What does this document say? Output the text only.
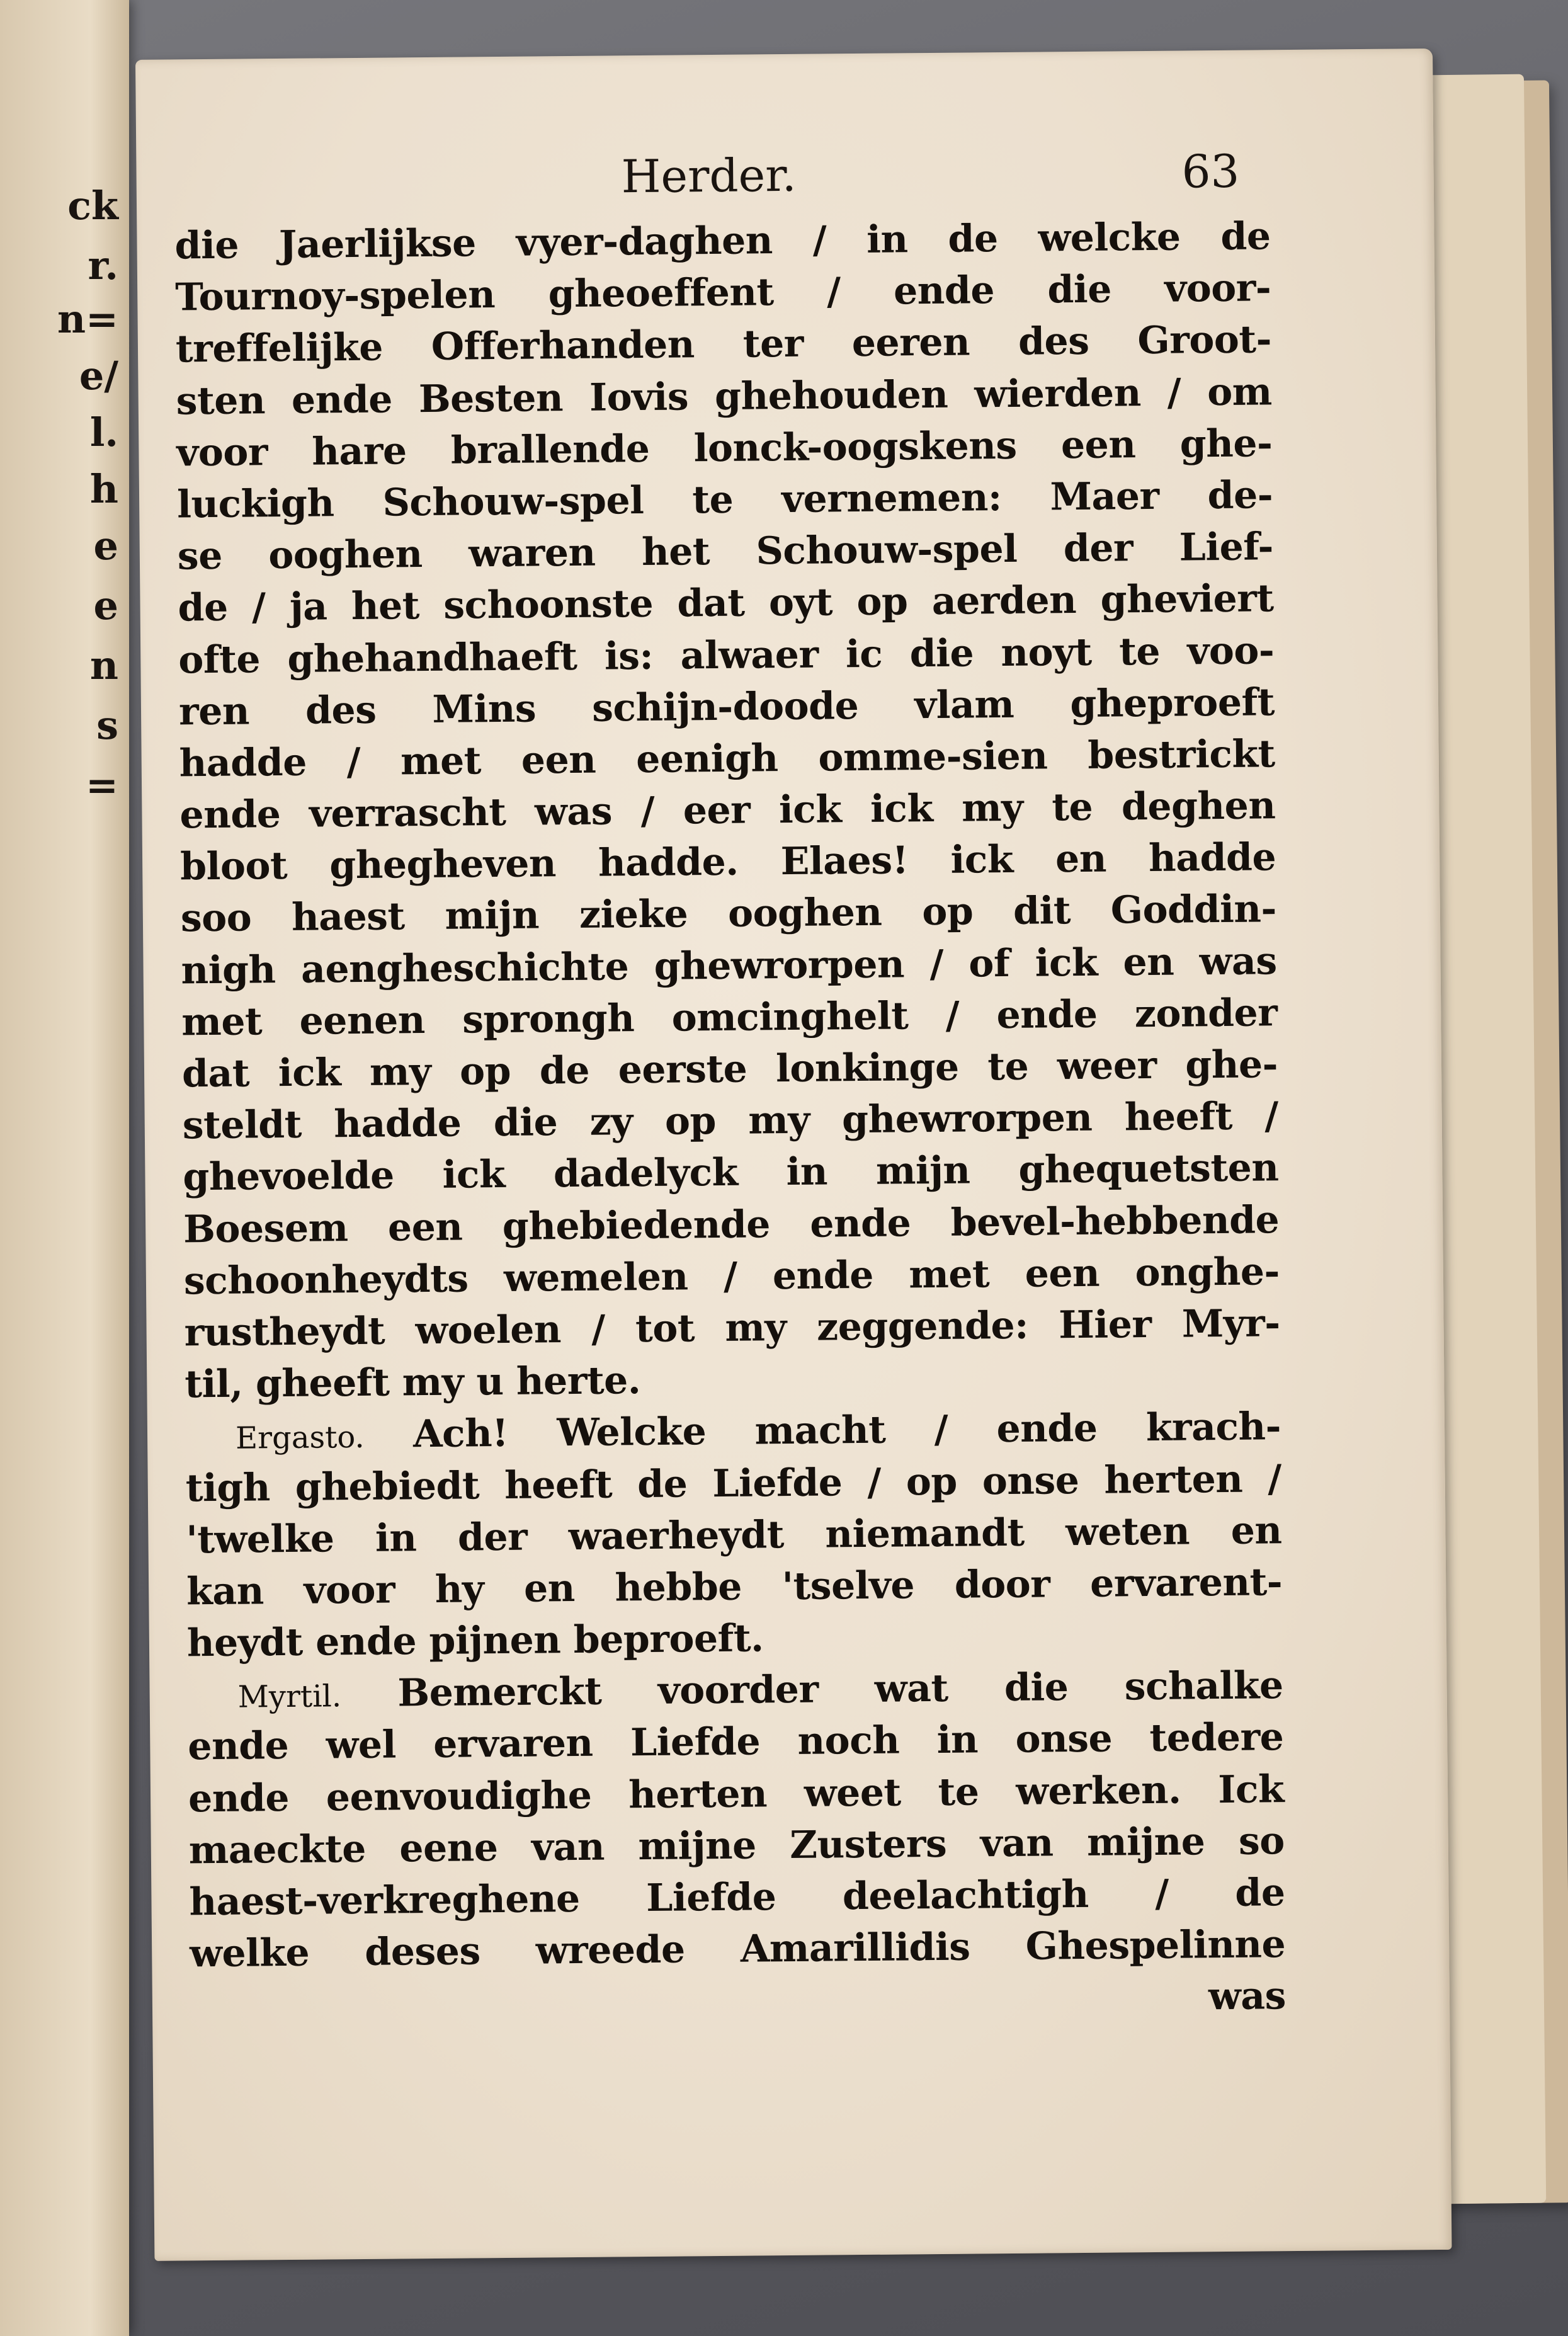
ck
r.
n=
e/
l.
h
e
e
n
s
=
Herder.	63
die Jaerlijkse vyer-daghen / in de welcke de
Tournoy-spelen gheoeffent / ende die voor-
treffelijke Offerhanden ter eeren des Groot-
sten ende Besten Iovis ghehouden wierden / om
voor hare brallende lonck-oogskens een ghe-
luckigh Schouw-spel te vernemen: Maer de-
se ooghen waren het Schouw-spel der Lief-
de / ja het schoonste dat oyt op aerden gheviert
ofte ghehandhaeft is: alwaer ic die noyt te voo-
ren des Mins schijn-doode vlam gheproeft
hadde / met een eenigh omme-sien bestrickt
ende verrascht was / eer ick ick my te deghen
bloot ghegheven hadde. Elaes! ick en hadde
soo haest mijn zieke ooghen op dit Goddin-
nigh aengheschichte ghewrorpen / of ick en was
met eenen sprongh omcinghelt / ende zonder
dat ick my op de eerste lonkinge te weer ghe-
steldt hadde die zy op my ghewrorpen heeft /
ghevoelde ick dadelyck in mijn ghequetsten
Boesem een ghebiedende ende bevel-hebbende
schoonheydts wemelen / ende met een onghe-
rustheydt woelen / tot my zeggende: Hier Myr-
til, gheeft my u herte.
Ergasto. Ach! Welcke macht / ende krach-
tigh ghebiedt heeft de Liefde / op onse herten /
'twelke in der waerheydt niemandt weten en
kan voor hy en hebbe 'tselve door ervarent-
heydt ende pijnen beproeft.
Myrtil. Bemerckt voorder wat die schalke
ende wel ervaren Liefde noch in onse tedere
ende eenvoudighe herten weet te werken. Ick
maeckte eene van mijne Zusters van mijne so
haest-verkreghene Liefde deelachtigh / de
welke deses wreede Amarillidis Ghespelinne
was
